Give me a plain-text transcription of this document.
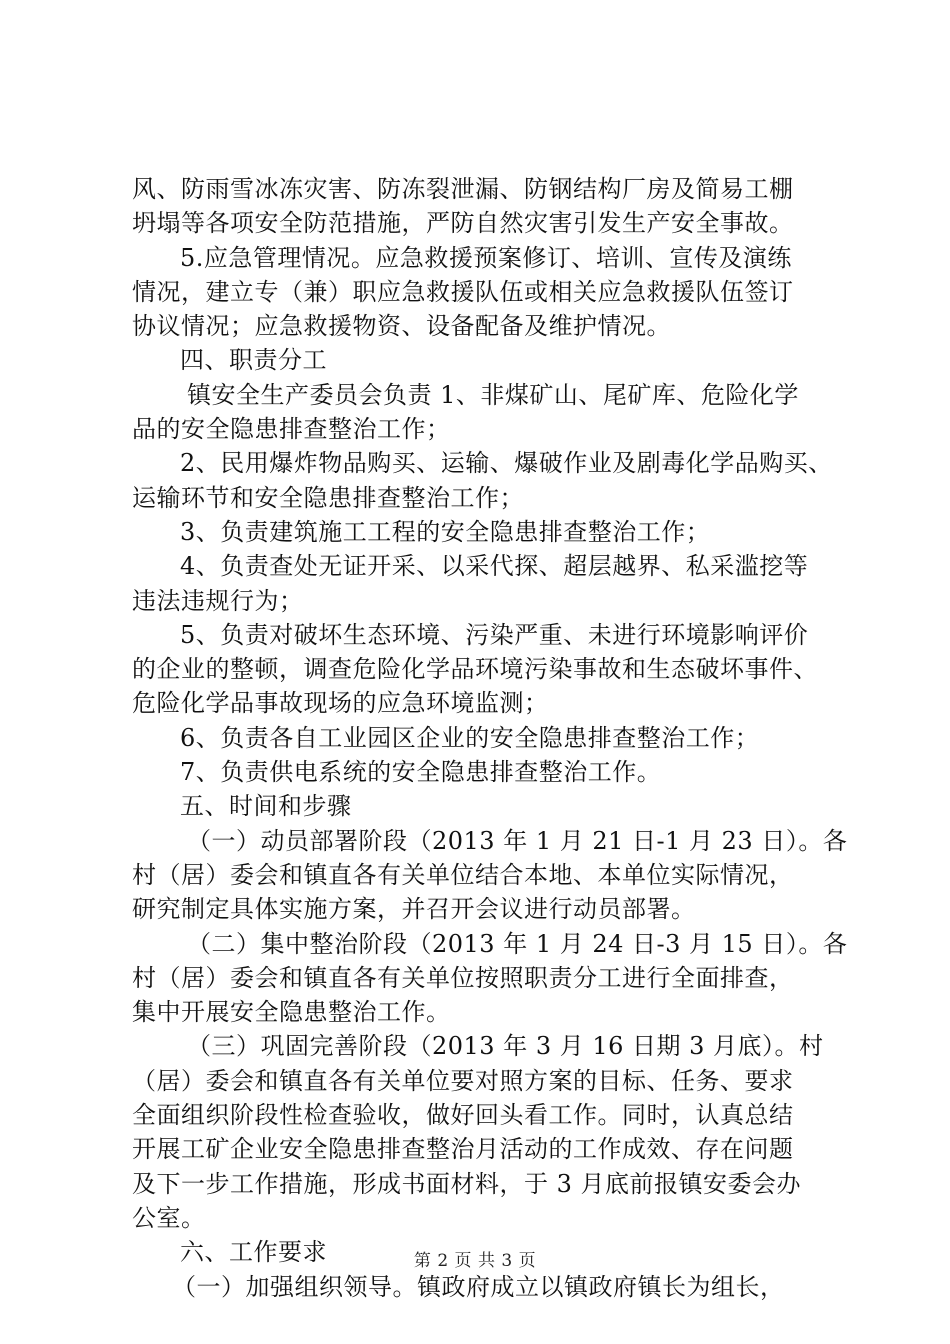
风、防雨雪冰冻灾害、防冻裂泄漏、防钢结构厂房及简易工棚
坍塌等各项安全防范措施，严防自然灾害引发生产安全事故。
5.应急管理情况。应急救援预案修订、培训、宣传及演练
情况，建立专（兼）职应急救援队伍或相关应急救援队伍签订
协议情况；应急救援物资、设备配备及维护情况。
四、职责分工
镇安全生产委员会负责 1、非煤矿山、尾矿库、危险化学
品的安全隐患排查整治工作；
2、民用爆炸物品购买、运输、爆破作业及剧毒化学品购买、
运输环节和安全隐患排查整治工作；
3、负责建筑施工工程的安全隐患排查整治工作；
4、负责查处无证开采、以采代探、超层越界、私采滥挖等
违法违规行为；
5、负责对破坏生态环境、污染严重、未进行环境影响评价
的企业的整顿，调查危险化学品环境污染事故和生态破坏事件、
危险化学品事故现场的应急环境监测；
6、负责各自工业园区企业的安全隐患排查整治工作；
7、负责供电系统的安全隐患排查整治工作。
五、时间和步骤
（一）动员部署阶段（2013 年 1 月 21 日-1 月 23 日）。各
村（居）委会和镇直各有关单位结合本地、本单位实际情况，
研究制定具体实施方案，并召开会议进行动员部署。
（二）集中整治阶段（2013 年 1 月 24 日-3 月 15 日）。各
村（居）委会和镇直各有关单位按照职责分工进行全面排查，
集中开展安全隐患整治工作。
（三）巩固完善阶段（2013 年 3 月 16 日期 3 月底）。村
（居）委会和镇直各有关单位要对照方案的目标、任务、要求
全面组织阶段性检查验收，做好回头看工作。同时，认真总结
开展工矿企业安全隐患排查整治月活动的工作成效、存在问题
及下一步工作措施，形成书面材料，于 3 月底前报镇安委会办
公室。
六、工作要求
（一）加强组织领导。镇政府成立以镇政府镇长为组长，
第 2 页 共 3 页
